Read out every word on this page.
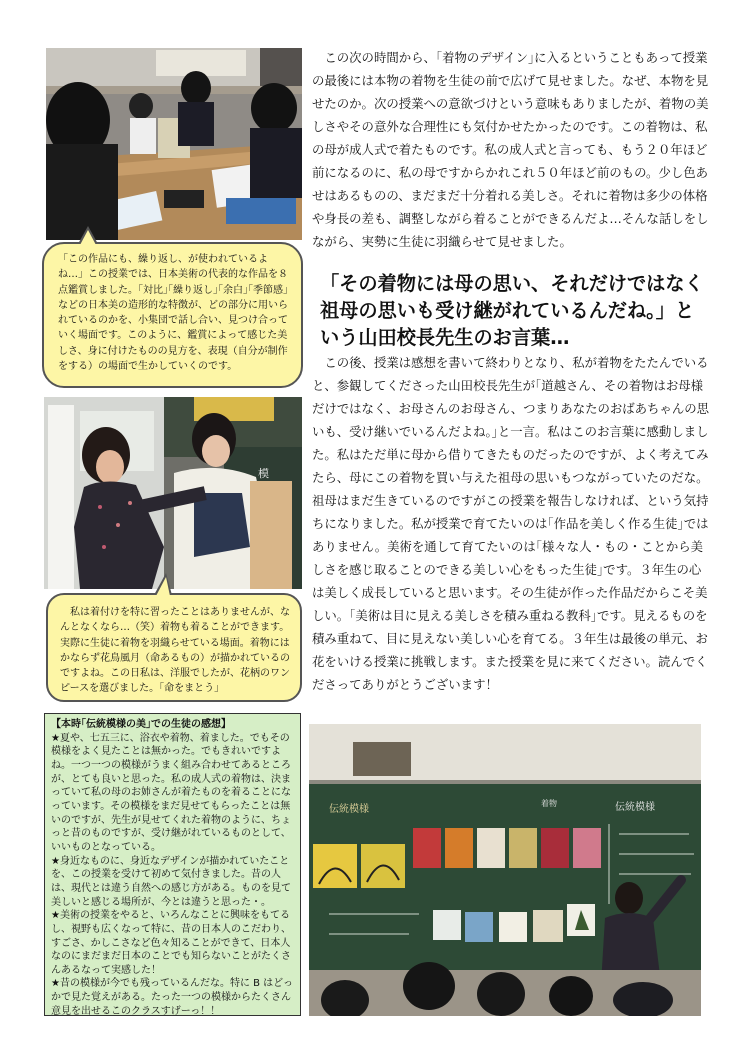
「この作品にも、繰り返し、が使われているよね…」この授業では、日本美術の代表的な作品を８点鑑賞しました。｢対比｣｢繰り返し｣｢余白｣｢季節感｣などの日本美の造形的な特徴が、どの部分に用いられているのかを、小集団で話し合い、見つけ合っていく場面です。このように、鑑賞によって感じた美しさ、身に付けたものの見方を、表現（自分が制作をする）の場面で生かしていくのです。
模
私は着付けを特に習ったことはありませんが、なんとなくなら…（笑）着物も着ることができます。実際に生徒に着物を羽織らせている場面。着物にはかならず花鳥風月（命あるもの）が描かれているのですよね。この日私は、洋服でしたが、花柄のワンピースを選びました。｢命をまとう｣
【本時｢伝統模様の美｣での生徒の感想】
★夏や、七五三に、浴衣や着物、着ました。でもその模様をよく見たことは無かった。でもきれいですよね。一つ一つの模様がうまく組み合わせてあるところが、とても良いと思った。私の成人式の着物は、決まっていて私の母のお姉さんが着たものを着ることになっています。その模様をまだ見せてもらったことは無いのですが、先生が見せてくれた着物のように、ちょっと昔のものですが、受け継がれているものとして、いいものとなっている。
★身近なものに、身近なデザインが描かれていたことを、この授業を受けて初めて気付きました。昔の人は、現代とは違う自然への感じ方がある。ものを見て美しいと感じる場所が、今とは違うと思った・。
★美術の授業をやると、いろんなことに興味をもてるし、視野も広くなって特に、昔の日本人のこだわり、すごさ、かしこさなど色々知ることができて、日本人なのにまだまだ日本のことでも知らないことがたくさんあるなって実感した！
★昔の模様が今でも残っているんだな。特に B はどっかで見た覚えがある。たった一つの模様からたくさん意見を出せるこのクラスすげーっ！！

この次の時間から、｢着物のデザイン｣に入るということもあって授業の最後には本物の着物を生徒の前で広げて見せました。なぜ、本物を見せたのか。次の授業への意欲づけという意味もありましたが、着物の美しさやその意外な合理性にも気付かせたかったのです。この着物は、私の母が成人式で着たものです。私の成人式と言っても、もう２０年ほど前になるのに、私の母ですからかれこれ５０年ほど前のもの。少し色あせはあるものの、まだまだ十分着れる美しさ。それに着物は多少の体格や身長の差も、調整しながら着ることができるんだよ…そんな話しをしながら、実勢に生徒に羽織らせて見せました。

「その着物には母の思い、それだけではなく祖母の思いも受け継がれているんだね。」という山田校長先生のお言葉…

この後、授業は感想を書いて終わりとなり、私が着物をたたんでいると、参観してくださった山田校長先生が｢道越さん、その着物はお母様だけではなく、お母さんのお母さん、つまりあなたのおばあちゃんの思いも、受け継いでいるんだよね。｣と一言。私はこのお言葉に感動しました。私はただ単に母から借りてきたものだったのですが、よく考えてみたら、母にこの着物を買い与えた祖母の思いもつながっていたのだな。祖母はまだ生きているのですがこの授業を報告しなければ、という気持ちになりました。私が授業で育てたいのは｢作品を美しく作る生徒｣ではありません。美術を通して育てたいのは｢様々な人・もの・ことから美しさを感じ取ることのできる美しい心をもった生徒｣です。３年生の心は美しく成長していると思います。その生徒が作った作品だからこそ美しい。｢美術は目に見える美しさを積み重ねる教科｣です。見えるものを積み重ねて、目に見えない美しい心を育てる。３年生は最後の単元、お花をいける授業に挑戦します。また授業を見に来てください。読んでくださってありがとうございます！

伝統模様	伝統模様
着物
